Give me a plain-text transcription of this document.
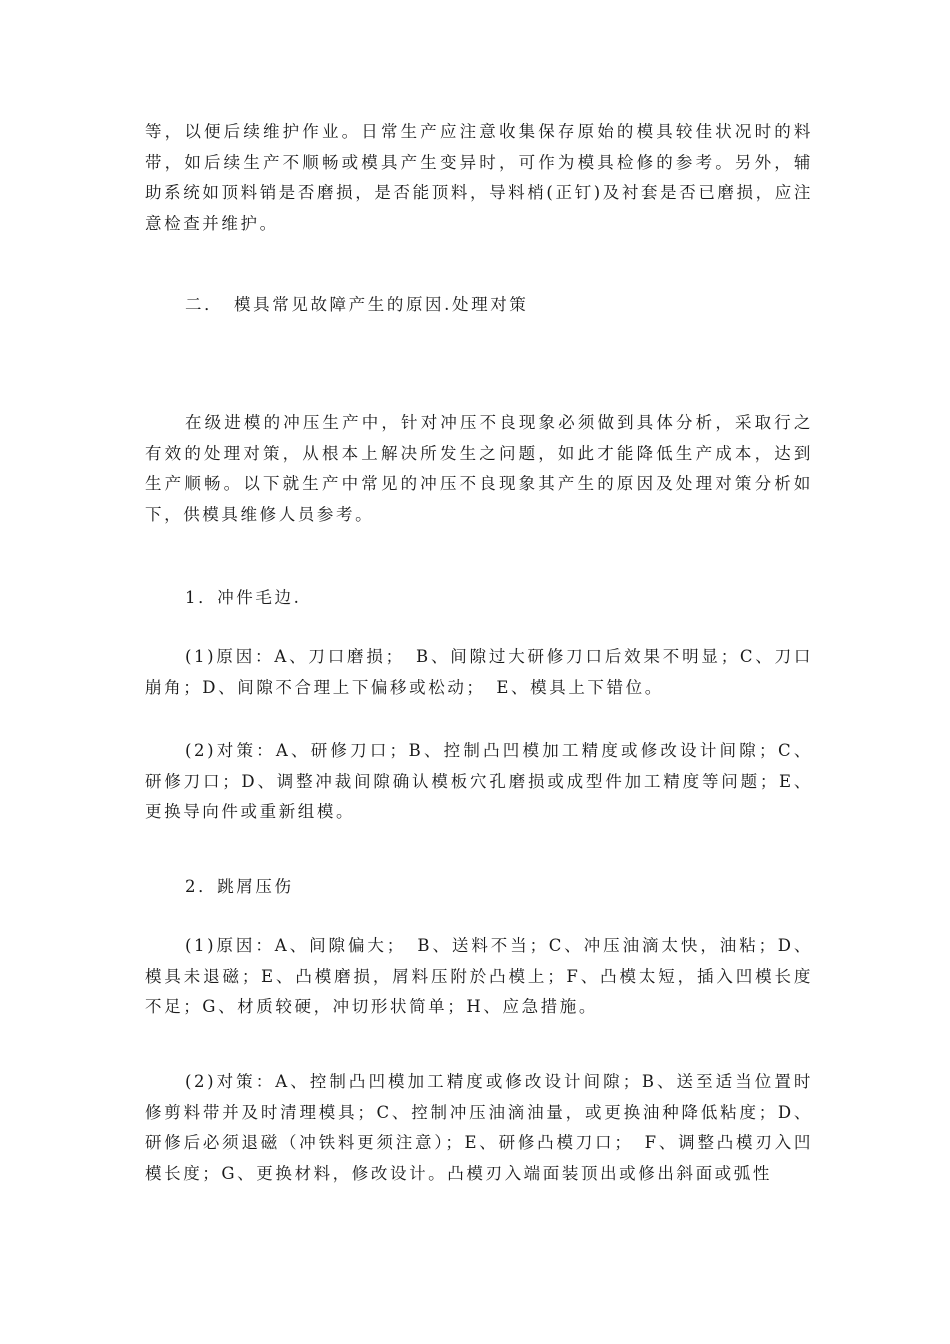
等，以便后续维护作业。日常生产应注意收集保存原始的模具较佳状况时的料带，如后续生产不顺畅或模具产生变异时，可作为模具检修的参考。另外，辅助系统如顶料销是否磨损，是否能顶料，导料梢(正钉)及衬套是否已磨损，应注意检查并维护。
二．　模具常见故障产生的原因.处理对策
在级进模的冲压生产中，针对冲压不良现象必须做到具体分析，采取行之有效的处理对策，从根本上解决所发生之问题，如此才能降低生产成本，达到生产顺畅。以下就生产中常见的冲压不良现象其产生的原因及处理对策分析如下，供模具维修人员参考。
1．冲件毛边.
(1)原因：A、刀口磨损；　B、间隙过大研修刀口后效果不明显；C、刀口崩角；D、间隙不合理上下偏移或松动；　E、模具上下错位。
(2)对策：A、研修刀口；B、控制凸凹模加工精度或修改设计间隙；C、研修刀口；D、调整冲裁间隙确认模板穴孔磨损或成型件加工精度等问题；E、更换导向件或重新组模。
2．跳屑压伤
(1)原因：A、间隙偏大；　B、送料不当；C、冲压油滴太快，油粘；D、模具未退磁；E、凸模磨损，屑料压附於凸模上；F、凸模太短，插入凹模长度不足；G、材质较硬，冲切形状简单；H、应急措施。
(2)对策：A、控制凸凹模加工精度或修改设计间隙；B、送至适当位置时修剪料带并及时清理模具；C、控制冲压油滴油量，或更换油种降低粘度；D、研修后必须退磁（冲铁料更须注意）；E、研修凸模刀口；　F、调整凸模刃入凹模长度；G、更换材料，修改设计。凸模刃入端面装顶出或修出斜面或弧性
